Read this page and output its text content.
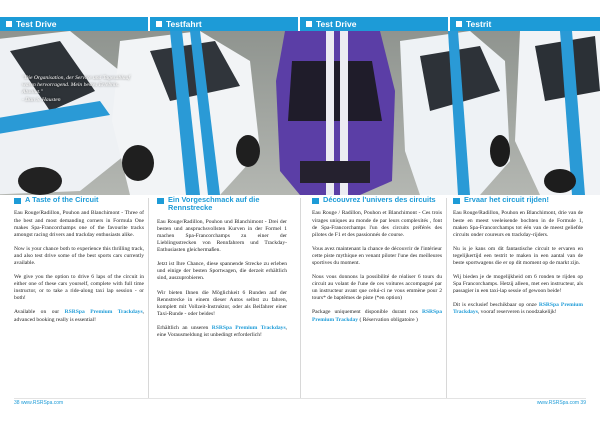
Test Drive	Testfahrt	Test Drive	Testrit
"Die Organisation, der Service und Tagesablauf waren hervorragend. Mein bestes Erlebnis. Absolut."
- Dan S. Hausten
A Taste of the Circuit

Eau Rouge/Radillon, Pouhon and Blanchimont - Three of the best and most demanding corners in Formula One makes Spa-Francorchamps one of the favourite tracks amongst racing drivers and trackday enthusiasts alike.

Now is your chance both to experience this thrilling track, and also test drive some of the best sports cars currently available.

We give you the option to drive 6 laps of the circuit in either one of these cars yourself, complete with full time instructor, or to take a ride-along taxi lap session - or both!

Available on our RSRSpa Premium Trackdays, advanced booking really is essential!

Ein Vorgeschmack auf die Rennstrecke

Eau Rouge/Radillon, Pouhon und Blanchimont - Drei der besten und anspruchsvollsten Kurven in der Formel 1 machen Spa-Francorchamps zu einer der Lieblingsstrecken von Rennfahrern und Trackday-Enthusiasten gleichermaßen.

Jetzt ist Ihre Chance, diese spannende Strecke zu erleben und einige der besten Sportwagen, die derzeit erhältlich sind, auszuprobieren.

Wir bieten Ihnen die Möglichkeit 6 Runden auf der Rennstrecke in einem dieser Autos selbst zu fahren, komplett mit Vollzeit-Instruktor, oder als Beifahrer einer Taxi-Runde - oder beides!

Erhältlich an unseren RSRSpa Premium Trackdays, eine Vorausmeldung ist unbedingt erforderlich!

Découvrez l'univers des circuits

Eau Rouge / Radillon, Pouhon et Blanchimont - Ces trois virages uniques au monde de par leurs complexités , font de Spa-Francorchamps l'un des circuits préférés des pilotes de F1 et des passionnés de course.

Vous avez maintenant la chance de découvrir de l'intérieur cette piste mythique en venant piloter l'une des meilleures sportives du moment.

Nous vous donnons la possibilité de réaliser 6 tours du circuit au volant de l'une de ces voitures accompagné par un instructeur avant que celui-ci ne vous emmène pour 2 tours* de baptêmes de piste (*en option)

Package uniquement disponible durant nos RSRSpa Premium Trackday ( Réservation obligatoire )

Ervaar het circuit rijden!

Eau Rouge/Radillon, Pouhon en Blanchimont, drie van de beste en meest veeleisende bochten in de Formule 1, maken Spa-Francorchamps tot één van de meest geliefde circuits onder coureurs en trackday-rijders.

Nu is je kans om dit fantastische circuit te ervaren en tegelijkertijd een testrit te maken in een aantal van de beste sportwagens die er op dit moment op de markt zijn.

Wij bieden je de mogelijkheid om 6 ronden te rijden op Spa Francorchamps. Hetzij alleen, met een instructeur, als passagier in een taxi-lap sessie of gewoon beide!

Dit is exclusief beschikbaar op onze RSRSpa Premium Trackdays, vooraf reserveren is noodzakelijk!

38 www.RSRSpa.com	www.RSRSpa.com 39
